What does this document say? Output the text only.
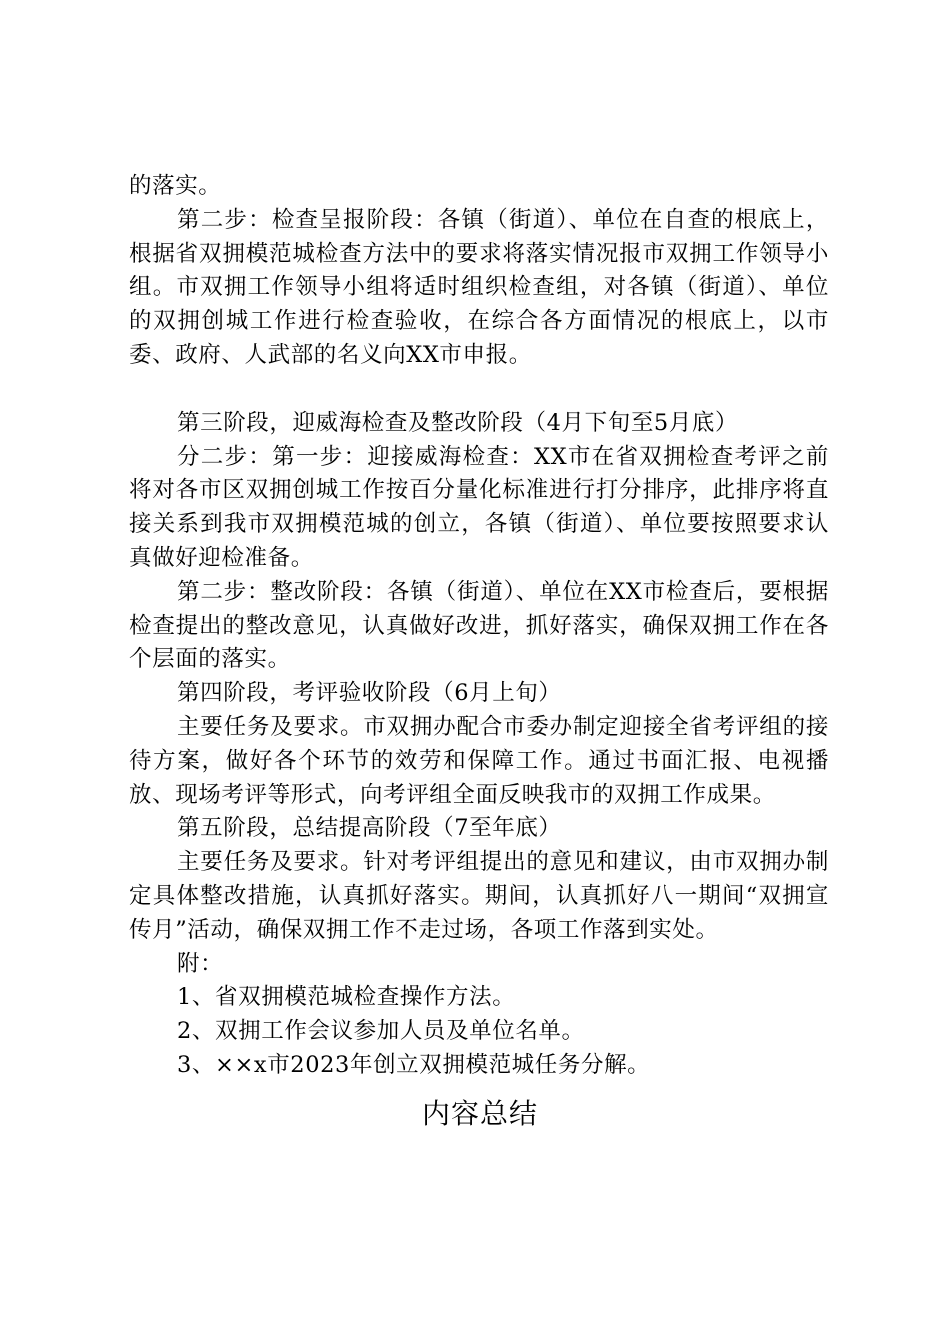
的落实。

第二步：检查呈报阶段：各镇（街道）、单位在自查的根底上，根据省双拥模范城检查方法中的要求将落实情况报市双拥工作领导小组。市双拥工作领导小组将适时组织检查组，对各镇（街道）、单位的双拥创城工作进行检查验收，在综合各方面情况的根底上，以市委、政府、人武部的名义向XX市申报。

第三阶段，迎威海检查及整改阶段（4月下旬至5月底）

分二步：第一步：迎接威海检查：XX市在省双拥检查考评之前将对各市区双拥创城工作按百分量化标准进行打分排序，此排序将直接关系到我市双拥模范城的创立，各镇（街道）、单位要按照要求认真做好迎检准备。

第二步：整改阶段：各镇（街道）、单位在XX市检查后，要根据检查提出的整改意见，认真做好改进，抓好落实，确保双拥工作在各个层面的落实。

第四阶段，考评验收阶段（6月上旬）

主要任务及要求。市双拥办配合市委办制定迎接全省考评组的接待方案，做好各个环节的效劳和保障工作。通过书面汇报、电视播放、现场考评等形式，向考评组全面反映我市的双拥工作成果。

第五阶段，总结提高阶段（7至年底）

主要任务及要求。针对考评组提出的意见和建议，由市双拥办制定具体整改措施，认真抓好落实。期间，认真抓好八一期间“双拥宣传月”活动，确保双拥工作不走过场，各项工作落到实处。

附：

1、省双拥模范城检查操作方法。

2、双拥工作会议参加人员及单位名单。

3、××x市2023年创立双拥模范城任务分解。

内容总结
